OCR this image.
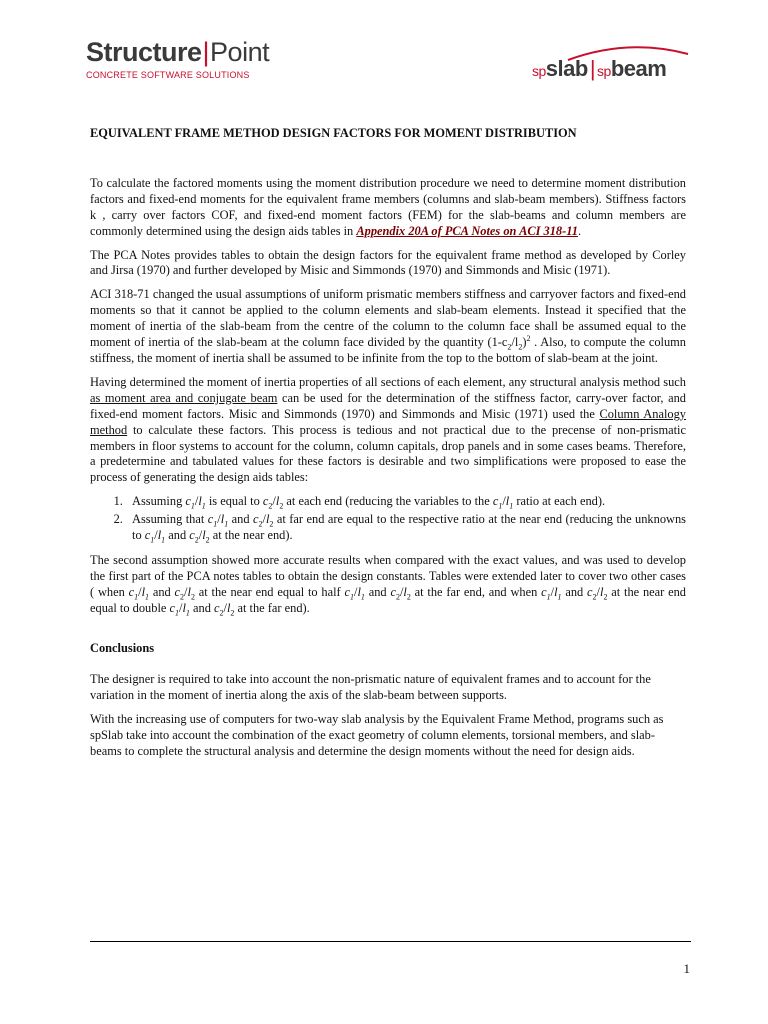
Structure|Point
CONCRETE SOFTWARE SOLUTIONS	spslab| spbeam
EQUIVALENT FRAME METHOD DESIGN FACTORS FOR MOMENT DISTRIBUTION

To calculate the factored moments using the moment distribution procedure we need to determine moment distribution factors and fixed-end moments for the equivalent frame members (columns and slab-beam members). Stiffness factors k , carry over factors COF, and fixed-end moment factors (FEM) for the slab-beams and column members are commonly determined using the design aids tables in Appendix 20A of PCA Notes on ACI 318-11.

The PCA Notes provides tables to obtain the design factors for the equivalent frame method as developed by Corley and Jirsa (1970) and further developed by Misic and Simmonds (1970) and Simmonds and Misic (1971).

ACI 318-71 changed the usual assumptions of uniform prismatic members stiffness and carryover factors and fixed-end moments so that it cannot be applied to the column elements and slab-beam elements. Instead it specified that the moment of inertia of the slab-beam from the centre of the column to the column face shall be assumed equal to the moment of inertia of the slab-beam at the column face divided by the quantity $(1-c_2/l_2)^2$ . Also, to compute the column stiffness, the moment of inertia shall be assumed to be infinite from the top to the bottom of slab-beam at the joint.

Having determined the moment of inertia properties of all sections of each element, any structural analysis method such as moment area and conjugate beam can be used for the determination of the stiffness factor, carry-over factor, and fixed-end moment factors. Misic and Simmonds (1970) and Simmonds and Misic (1971) used the Column Analogy method to calculate these factors. This process is tedious and not practical due to the precense of non-prismatic members in floor systems to account for the column, column capitals, drop panels and in some cases beams. Therefore, a predetermine and tabulated values for these factors is desirable and two simplifications were proposed to ease the process of generating the design aids tables:

1. Assuming $c_1/l_1$ is equal to $c_2/l_2$ at each end (reducing the variables to the $c_1/l_1$ ratio at each end).
2. Assuming that $c_1/l_1$ and $c_2/l_2$ at far end are equal to the respective ratio at the near end (reducing the unknowns to $c_1/l_1$ and $c_2/l_2$ at the near end).

The second assumption showed more accurate results when compared with the exact values, and was used to develop the first part of the PCA notes tables to obtain the design constants. Tables were extended later to cover two other cases ( when $c_1/l_1$ and $c_2/l_2$ at the near end equal to half $c_1/l_1$ and $c_2/l_2$ at the far end, and when $c_1/l_1$ and $c_2/l_2$ at the near end equal to double $c_1/l_1$ and $c_2/l_2$ at the far end).

Conclusions

The designer is required to take into account the non-prismatic nature of equivalent frames and to account for the variation in the moment of inertia along the axis of the slab-beam between supports.

With the increasing use of computers for two-way slab analysis by the Equivalent Frame Method, programs such as spSlab take into account the combination of the exact geometry of column elements, torsional members, and slab-beams to complete the structural analysis and determine the design moments without the need for design aids.

1
